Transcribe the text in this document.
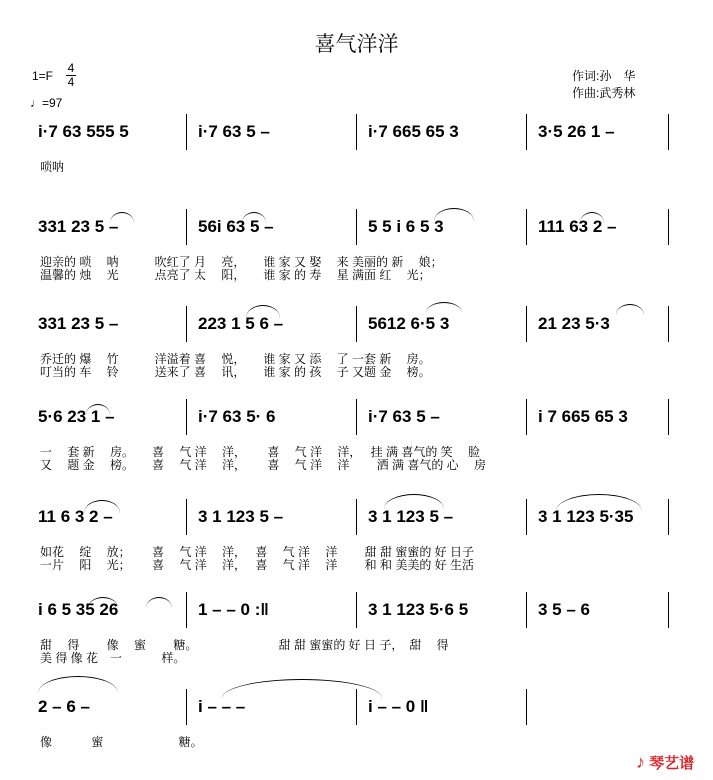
喜气洋洋
$1=F \frac{4}{4}$
♩=97
作词:孙　华
作曲:武秀林
i·7 63 555 5	i·7 63 5 –	i·7 665 65 3	3·5 26 1 –
唢呐
331 23 5 –	56i 63 5 –	5 5 i 6 5 3	111 63 2 –
迎亲的 唢　 呐　　　吹红了 月　 亮，　　谁 家 又 娶　 来 美丽的 新　 娘；
温馨的 烛　 光　　　点亮了 太　 阳，　　谁 家 的 寿　 星 满面 红　 光；
331 23 5 –	223 1 5 6 –	5612 6·5 3	21 23 5·3
乔迁的 爆　 竹　　　洋溢着 喜　 悦，　　谁 家 又 添　 了 一套 新　 房。
叮当的 车　 铃　　　送来了 喜　 讯，　　谁 家 的 孩　 子 又题 金　 榜。
5·6 23 1 –	i·7 63 5· 6	i·7 63 5 –	i 7 665 65 3
一　 套 新　 房。　　喜　 气 洋　 洋，　　 喜　 气 洋　 洋，　 挂 满 喜气的 笑　 脸
又　 题 金　 榜。　　喜　 气 洋　 洋，　　 喜　 气 洋　 洋　　 洒 满 喜气的 心　 房
11 6 3 2 –	3 1 123 5 –	3 1 123 5 –	3 1 123 5·35
如花　 绽　 放；　　 喜　 气 洋　 洋，　 喜　 气 洋　 洋　　 甜 甜 蜜蜜的 好 日子
一片　 阳　 光；　　 喜　 气 洋　 洋，　 喜　 气 洋　 洋　　 和 和 美美的 好 生活
i 6 5 35 26	1 – – 0 :‖	3 1 123 5·6 5	3 5 – 6
甜　 得　　 像　 蜜　　 糖。　　　　　　　 甜 甜 蜜蜜的 好 日 子，　甜　 得
美 得 像 花　一　　　 样。
2 – 6 –	i – – –	i – – 0 ‖
像　　　 蜜　　　　　　 糖。
♪ 琴艺谱
